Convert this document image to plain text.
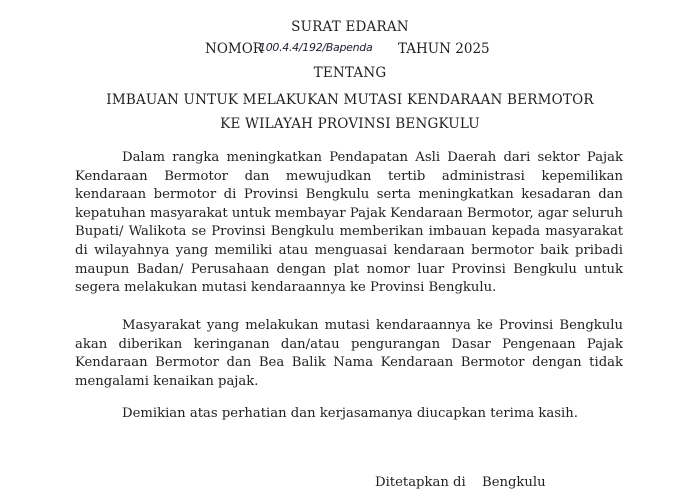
SURAT EDARAN
NOMOR
100.4.4/192/Bapenda TAHUN 2025
TENTANG
IMBAUAN UNTUK MELAKUKAN MUTASI KENDARAAN BERMOTOR
KE WILAYAH PROVINSI BENGKULU

Dalam rangka meningkatkan Pendapatan Asli Daerah dari sektor Pajak Kendaraan Bermotor dan mewujudkan tertib administrasi kepemilikan kendaraan bermotor di Provinsi Bengkulu serta meningkatkan kesadaran dan kepatuhan masyarakat untuk membayar Pajak Kendaraan Bermotor, agar seluruh Bupati/ Walikota se Provinsi Bengkulu memberikan imbauan kepada masyarakat di wilayahnya yang memiliki atau menguasai kendaraan bermotor baik pribadi maupun Badan/ Perusahaan dengan plat nomor luar Provinsi Bengkulu untuk segera melakukan mutasi kendaraannya ke Provinsi Bengkulu.

Masyarakat yang melakukan mutasi kendaraannya ke Provinsi Bengkulu akan diberikan keringanan dan/atau pengurangan Dasar Pengenaan Pajak Kendaraan Bermotor dan Bea Balik Nama Kendaraan Bermotor dengan tidak mengalami kenaikan pajak.

Demikian atas perhatian dan kerjasamanya diucapkan terima kasih.
Ditetapkan di Bengkulu
